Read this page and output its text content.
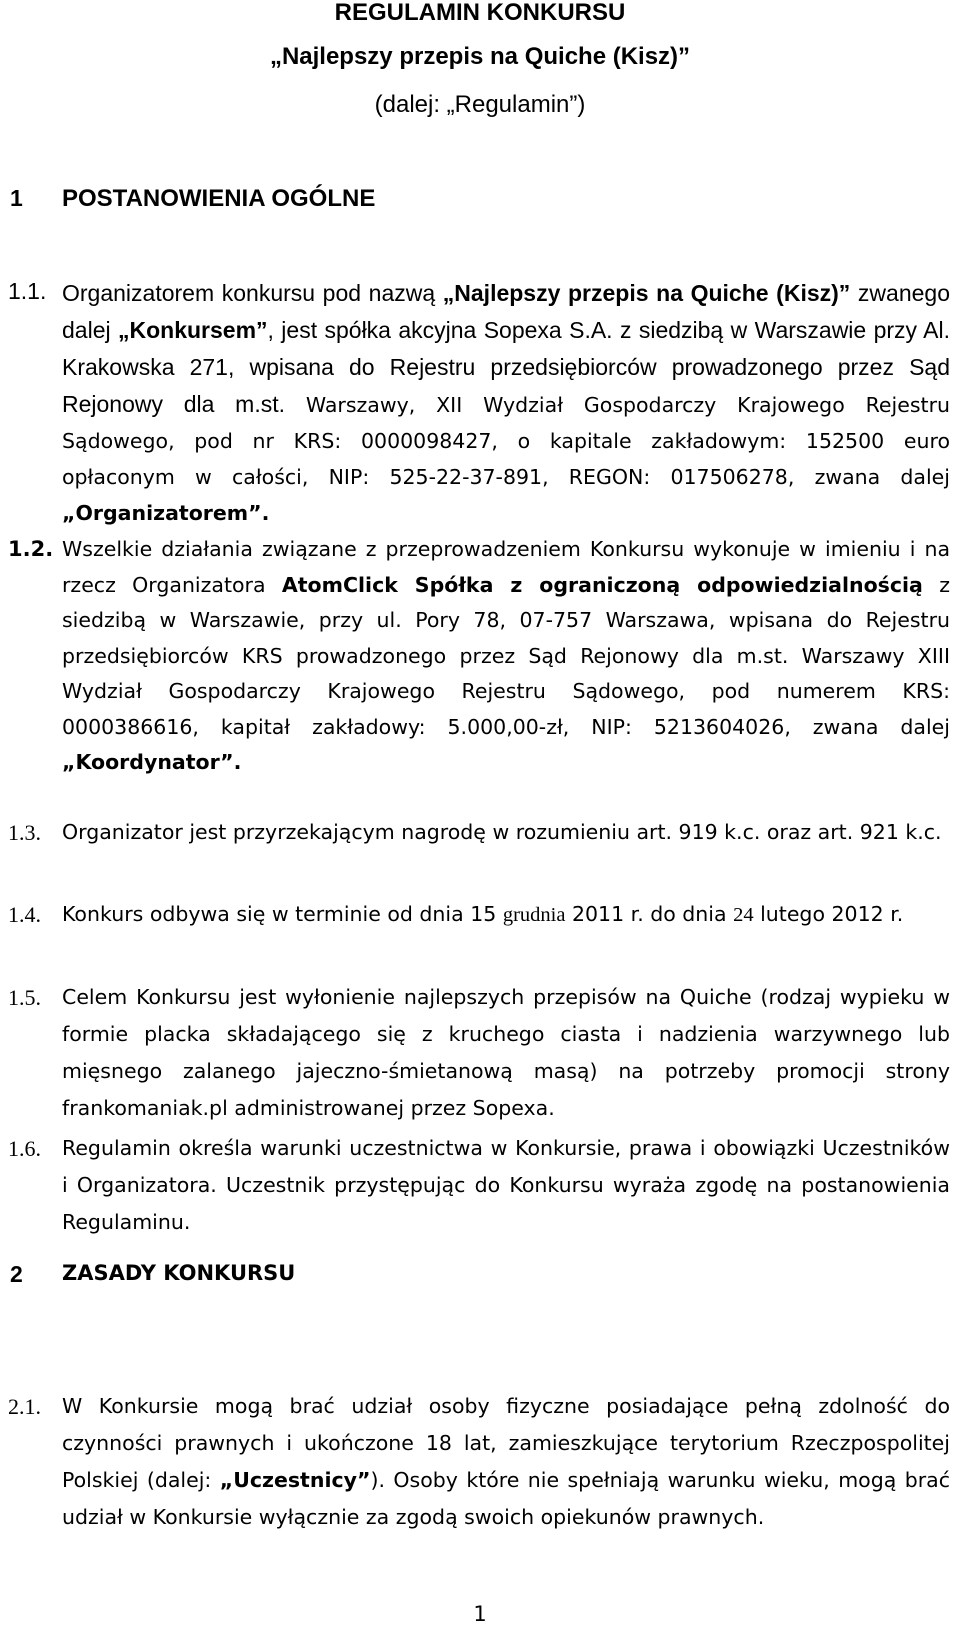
REGULAMIN KONKURSU
„Najlepszy przepis na Quiche (Kisz)”
(dalej: „Regulamin”)
1 POSTANOWIENIA OGÓLNE
1.1. Organizatorem konkursu pod nazwą „Najlepszy przepis na Quiche (Kisz)” zwanego dalej „Konkursem”, jest spółka akcyjna Sopexa S.A. z siedzibą w Warszawie przy Al. Krakowska 271, wpisana do Rejestru przedsiębiorców prowadzonego przez Sąd Rejonowy dla m.st. Warszawy, XII Wydział Gospodarczy Krajowego Rejestru Sądowego, pod nr KRS: 0000098427, o kapitale zakładowym: 152500 euro opłaconym w całości, NIP: 525-22-37-891, REGON: 017506278, zwana dalej „Organizatorem”.
1.2. Wszelkie działania związane z przeprowadzeniem Konkursu wykonuje w imieniu i na rzecz Organizatora AtomClick Spółka z ograniczoną odpowiedzialnością z siedzibą w Warszawie, przy ul. Pory 78, 07-757 Warszawa, wpisana do Rejestru przedsiębiorców KRS prowadzonego przez Sąd Rejonowy dla m.st. Warszawy XIII Wydział Gospodarczy Krajowego Rejestru Sądowego, pod numerem KRS: 0000386616, kapitał zakładowy: 5.000,00-zł, NIP: 5213604026, zwana dalej „Koordynator”.
1.3. Organizator jest przyrzekającym nagrodę w rozumieniu art. 919 k.c. oraz art. 921 k.c.
1.4. Konkurs odbywa się w terminie od dnia 15 grudnia 2011 r. do dnia 24 lutego 2012 r.
1.5. Celem Konkursu jest wyłonienie najlepszych przepisów na Quiche (rodzaj wypieku w formie placka składającego się z kruchego ciasta i nadzienia warzywnego lub mięsnego zalanego jajeczno-śmietanową masą) na potrzeby promocji strony frankomaniak.pl administrowanej przez Sopexa.
1.6. Regulamin określa warunki uczestnictwa w Konkursie, prawa i obowiązki Uczestników i Organizatora. Uczestnik przystępując do Konkursu wyraża zgodę na postanowienia Regulaminu.
2 ZASADY KONKURSU
2.1. W Konkursie mogą brać udział osoby fizyczne posiadające pełną zdolność do czynności prawnych i ukończone 18 lat, zamieszkujące terytorium Rzeczpospolitej Polskiej (dalej: „Uczestnicy”). Osoby które nie spełniają warunku wieku, mogą brać udział w Konkursie wyłącznie za zgodą swoich opiekunów prawnych.
1
